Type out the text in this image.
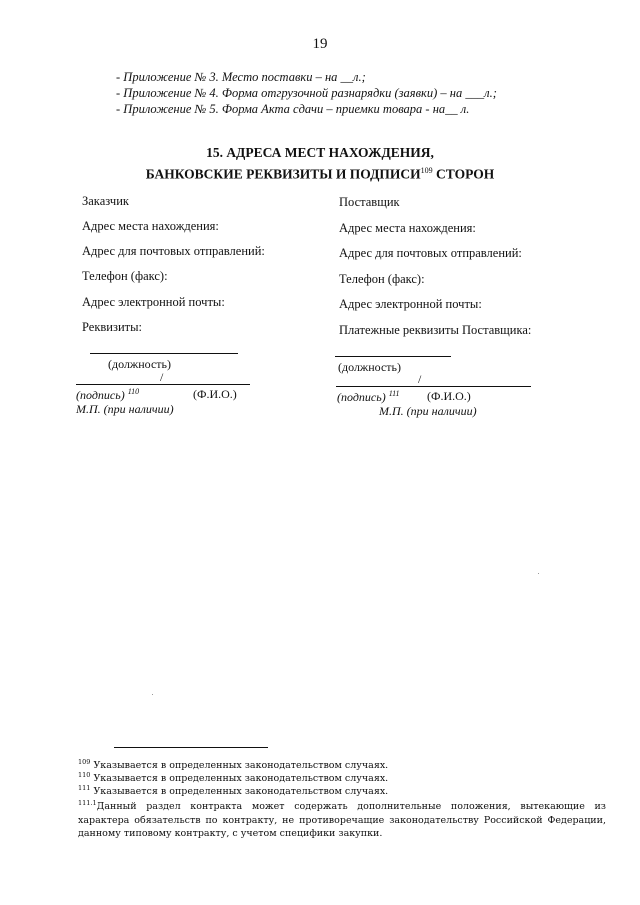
19
- Приложение № 3. Место поставки – на __л.;
- Приложение № 4. Форма отгрузочной разнарядки (заявки) – на ___л.;
- Приложение № 5. Форма Акта сдачи – приемки товара - на__ л.
15. АДРЕСА МЕСТ НАХОЖДЕНИЯ,
БАНКОВСКИЕ РЕКВИЗИТЫ И ПОДПИСИ$^{109}$ СТОРОН
Заказчик
Адрес места нахождения:
Адрес для почтовых отправлений:
Телефон (факс):
Адрес электронной почты:
Реквизиты:
(должность)
/
(подпись) $^{110}$	(Ф.И.О.)
М.П. (при наличии)
Поставщик
Адрес места нахождения:
Адрес для почтовых отправлений:
Телефон (факс):
Адрес электронной почты:
Платежные реквизиты Поставщика:
(должность)
/
(подпись) $^{111}$ (Ф.И.О.)
М.П. (при наличии)
$^{109}$ Указывается в определенных законодательством случаях.
$^{110}$ Указывается в определенных законодательством случаях.
$^{111}$ Указывается в определенных законодательством случаях.
$^{111.1}$Данный раздел контракта может содержать дополнительные положения, вытекающие из характера обязательств по контракту, не противоречащие законодательству Российской Федерации, данному типовому контракту, с учетом специфики закупки.
